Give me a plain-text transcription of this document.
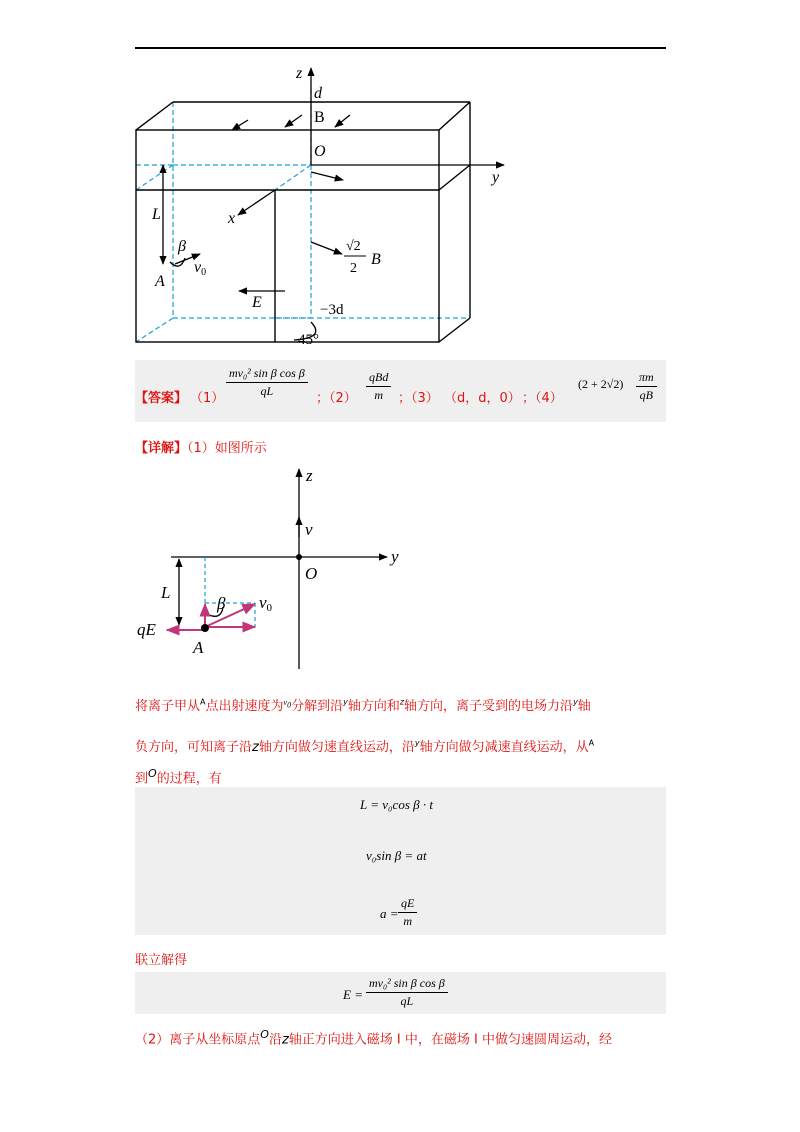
z
d
B
O
y
x
L
β
v0
A
E
√2
2
B
−3d
45°
【答案】 $(1) \frac{\text{mv₀² sin β cos β}}{qL}$ ；（2）
qBd
m	；（3） （d，d，0） ；（4）
$(2 + 2√2) \frac{\pi m}{qB}$
【详解】（1）如图所示
z
v
y
O
L
β v0
qE
A
将离子甲从$^A$点出射速度为$^{v_0}$分解到沿$^y$轴方向和$^z$轴方向，离子受到的电场力沿$^y$轴
负方向，可知离子沿z轴方向做匀速直线运动，沿$^y$轴方向做匀减速直线运动，从$^A$
到$^O$的过程，有
L = v₀cos β · t
v₀sin β = at
$a = \frac{qE}{m}$
联立解得
$E = \frac{\text{mv₀² sin β cos β}}{qL}$
（2）离子从坐标原点$^O$沿z轴正方向进入磁场 I 中，在磁场 I 中做匀速圆周运动，经
